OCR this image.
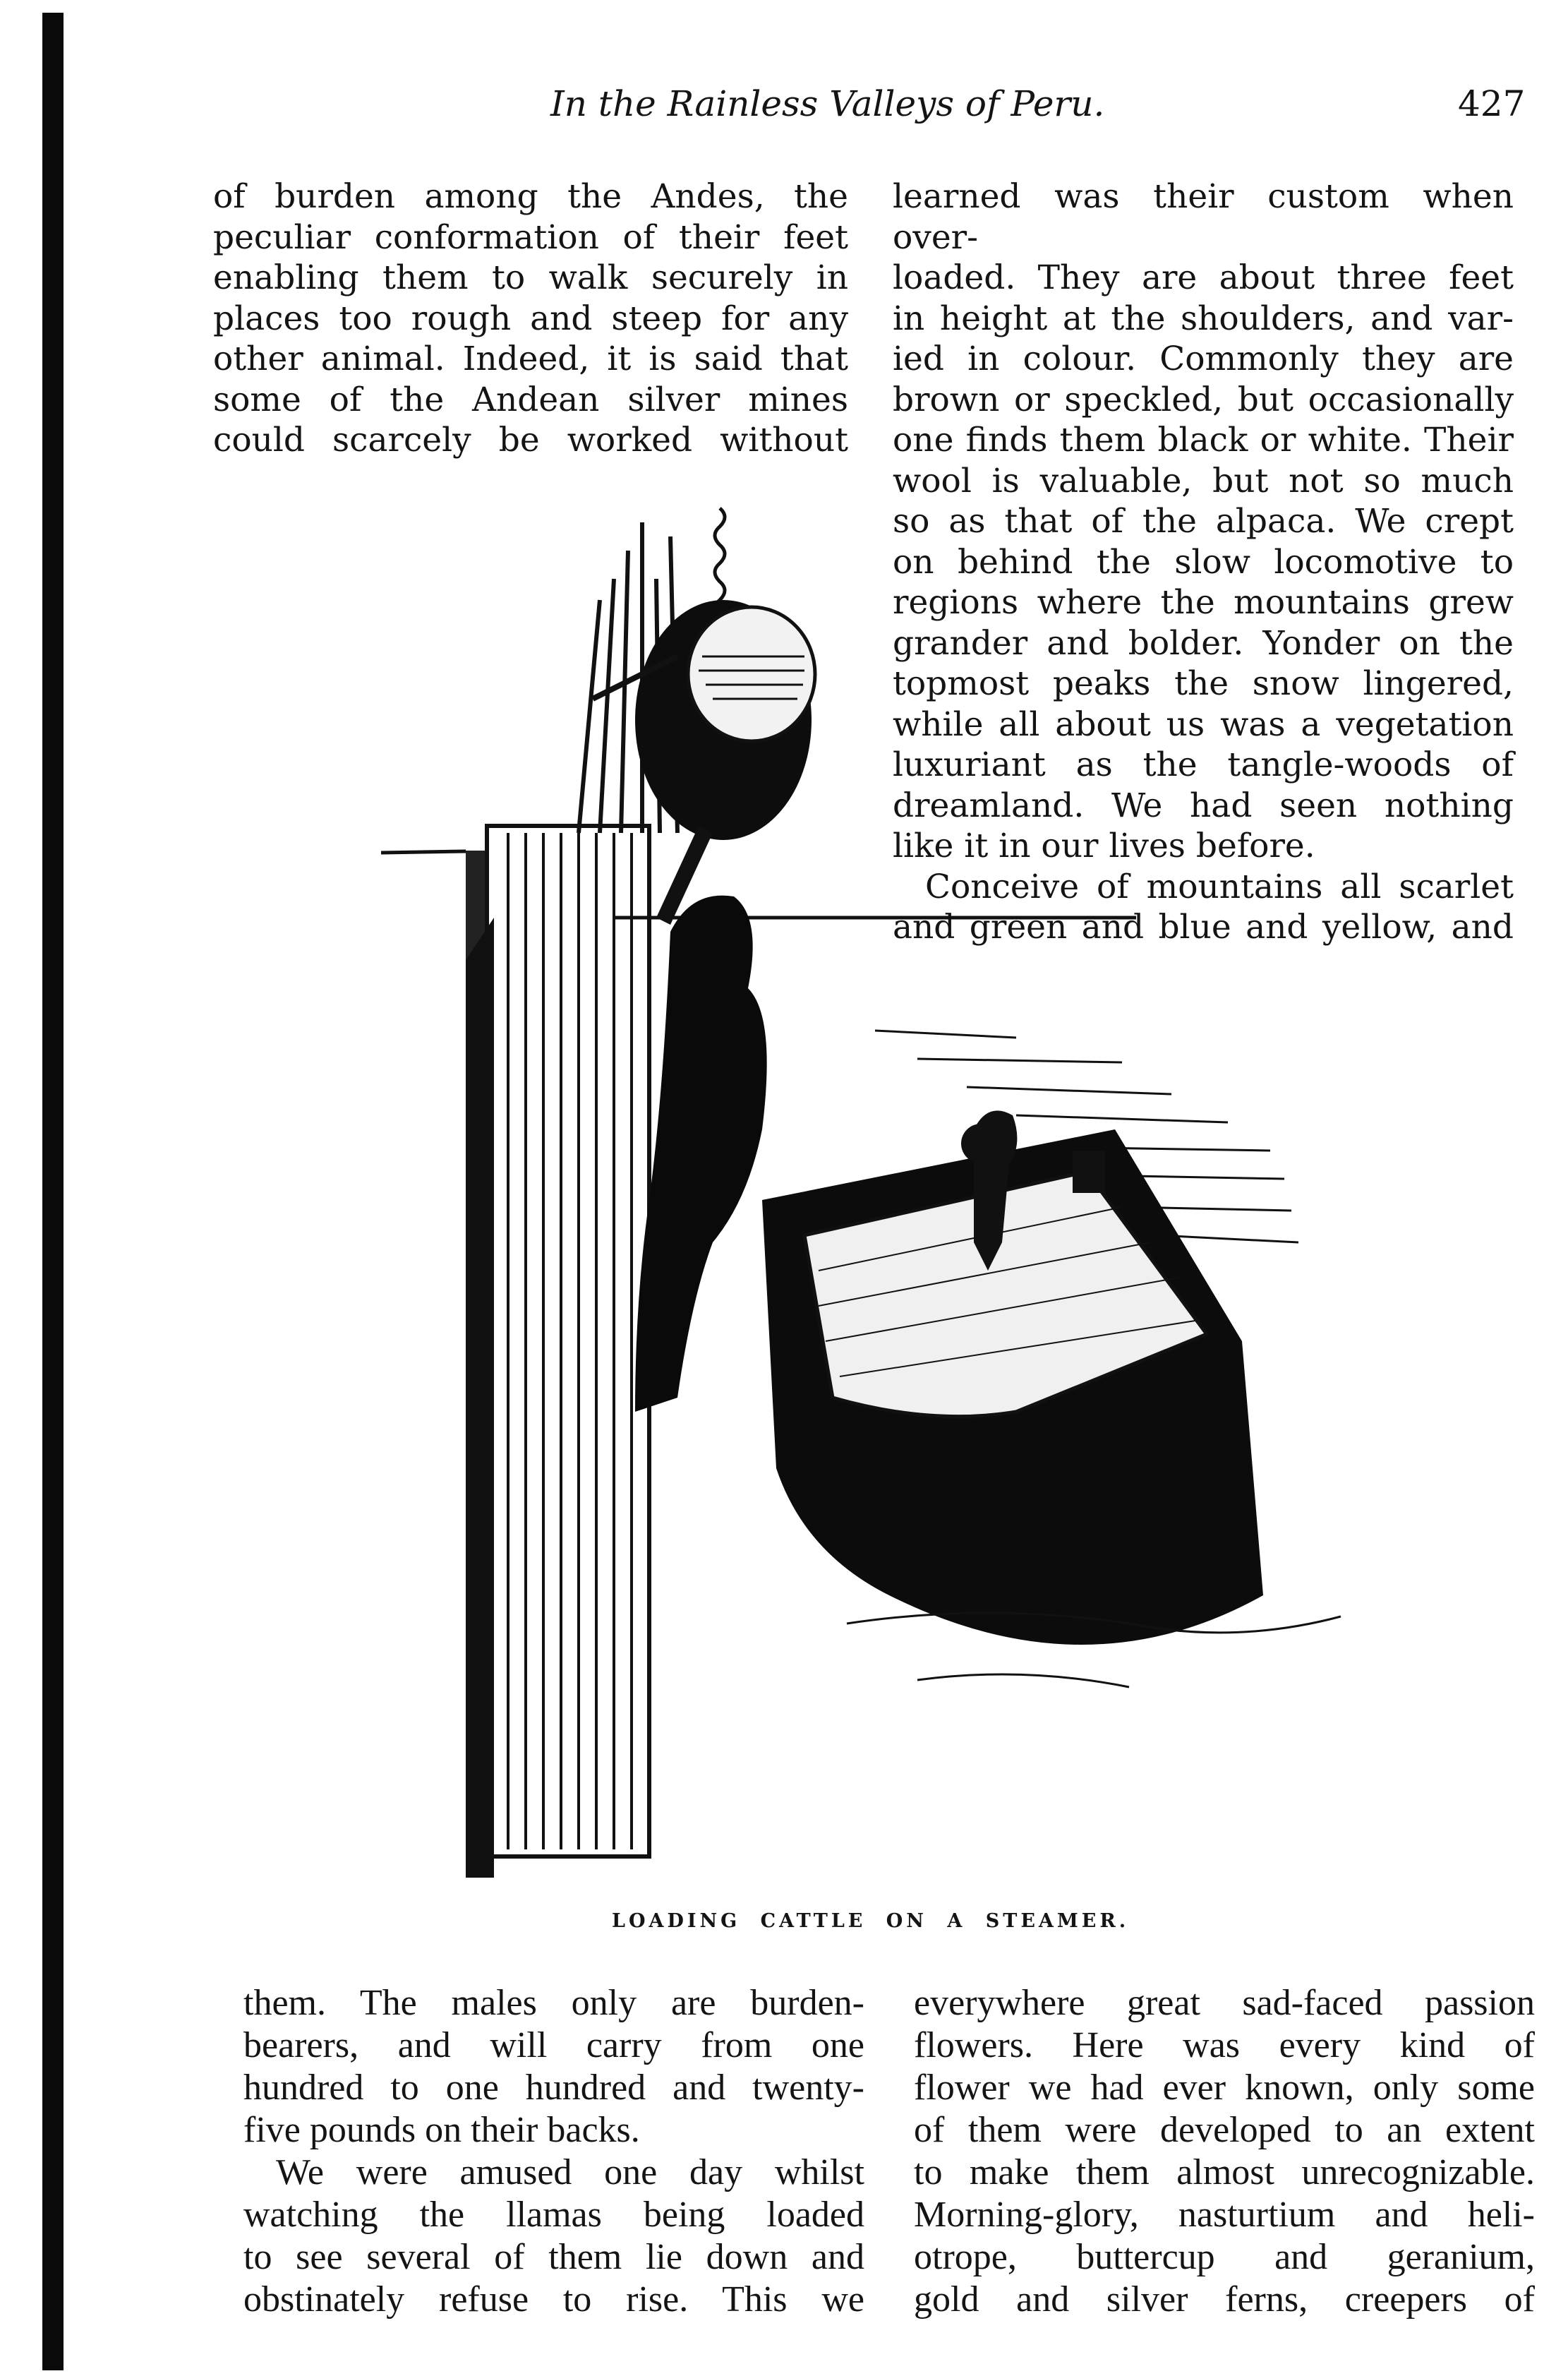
In the Rainless Valleys of Peru.	427

of burden among the Andes, the
peculiar conformation of their feet
enabling them to walk securely in
places too rough and steep for any
other animal. Indeed, it is said that
some of the Andean silver mines
could scarcely be worked without

learned was their custom when over-
loaded. They are about three feet
in height at the shoulders, and var-
ied in colour. Commonly they are
brown or speckled, but occasionally
one finds them black or white. Their
wool is valuable, but not so much
so as that of the alpaca. We crept
on behind the slow locomotive to
regions where the mountains grew
grander and bolder. Yonder on the
topmost peaks the snow lingered,
while all about us was a vegetation
luxuriant as the tangle-woods of
dreamland. We had seen nothing
like it in our lives before.

Conceive of mountains all scarlet
and green and blue and yellow, and

LOADING CATTLE ON A STEAMER.

them. The males only are burden-
bearers, and will carry from one
hundred to one hundred and twenty-
five pounds on their backs.

We were amused one day whilst
watching the llamas being loaded
to see several of them lie down and
obstinately refuse to rise. This we

everywhere great sad-faced passion
flowers. Here was every kind of
flower we had ever known, only some
of them were developed to an extent
to make them almost unrecognizable.
Morning-glory, nasturtium and heli-
otrope, buttercup and geranium,
gold and silver ferns, creepers of
